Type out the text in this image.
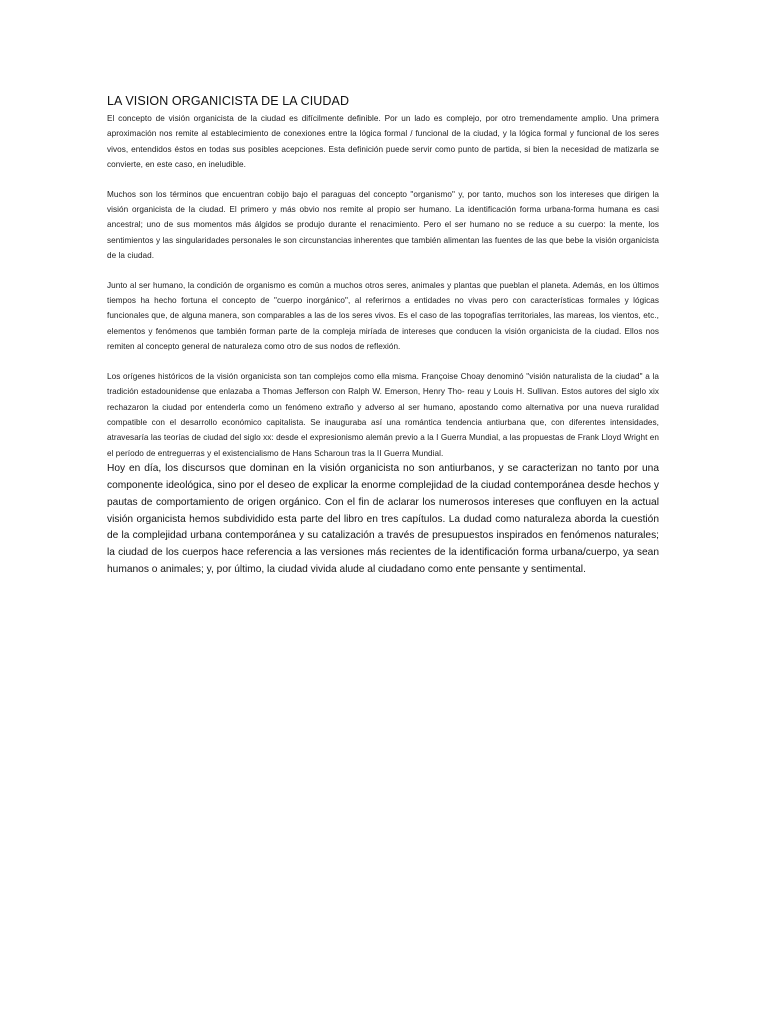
LA VISION ORGANICISTA DE LA CIUDAD

El concepto de visión organicista de la ciudad es difícilmente definible. Por un lado es complejo, por otro tremendamente amplio. Una primera aproximación nos remite al establecimiento de conexiones entre la lógica formal / funcional de la ciudad, y la lógica formal y funcional de los seres vivos, entendidos éstos en todas sus posibles acepciones. Esta definición puede servir como punto de partida, si bien la necesidad de matizarla se convierte, en este caso, en ineludible.

Muchos son los términos que encuentran cobijo bajo el paraguas del concepto "organismo" y, por tanto, muchos son los intereses que dirigen la visión organicista de la ciudad. El primero y más obvio nos remite al propio ser humano. La identificación forma urbana-forma humana es casi ancestral; uno de sus momentos más álgidos se produjo durante el renacimiento. Pero el ser humano no se reduce a su cuerpo: la mente, los sentimientos y las singularidades personales le son circunstancias inherentes que también alimentan las fuentes de las que bebe la visión organicista de la ciudad.

Junto al ser humano, la condición de organismo es común a muchos otros seres, animales y plantas que pueblan el planeta. Además, en los últimos tiempos ha hecho fortuna el concepto de "cuerpo inorgánico", al referirnos a entidades no vivas pero con características formales y lógicas funcionales que, de alguna manera, son comparables a las de los seres vivos. Es el caso de las topografías territoriales, las mareas, los vientos, etc., elementos y fenómenos que también forman parte de la compleja miríada de intereses que conducen la visión organicista de la ciudad. Ellos nos remiten al concepto general de naturaleza como otro de sus nodos de reflexión.

Los orígenes históricos de la visión organicista son tan complejos como ella misma. Françoise Choay denominó "visión naturalista de la ciudad" a la tradición estadounidense que enlazaba a Thomas Jefferson con Ralph W. Emerson, Henry Tho- reau y Louis H. Sullivan. Estos autores del siglo xix rechazaron la ciudad por entenderla como un fenómeno extraño y adverso al ser humano, apostando como alternativa por una nueva ruralidad compatible con el desarrollo económico capitalista. Se inauguraba así una romántica tendencia antiurbana que, con diferentes intensidades, atravesaría las teorías de ciudad del siglo xx: desde el expresionismo alemán previo a la I Guerra Mundial, a las propuestas de Frank Lloyd Wright en el período de entreguerras y el existencialismo de Hans Scharoun tras la II Guerra Mundial.

Hoy en día, los discursos que dominan en la visión organicista no son antiurbanos, y se caracterizan no tanto por una componente ideológica, sino por el deseo de explicar la enorme complejidad de la ciudad contemporánea desde hechos y pautas de comportamiento de origen orgánico. Con el fin de aclarar los numerosos intereses que confluyen en la actual visión organicista hemos subdividido esta parte del libro en tres capítulos. La dudad como naturaleza aborda la cuestión de la complejidad urbana contemporánea y su catalización a través de presupuestos inspirados en fenómenos naturales; la ciudad de los cuerpos hace referencia a las versiones más recientes de la identificación forma urbana/cuerpo, ya sean humanos o animales; y, por último, la ciudad vivida alude al ciudadano como ente pensante y sentimental.
